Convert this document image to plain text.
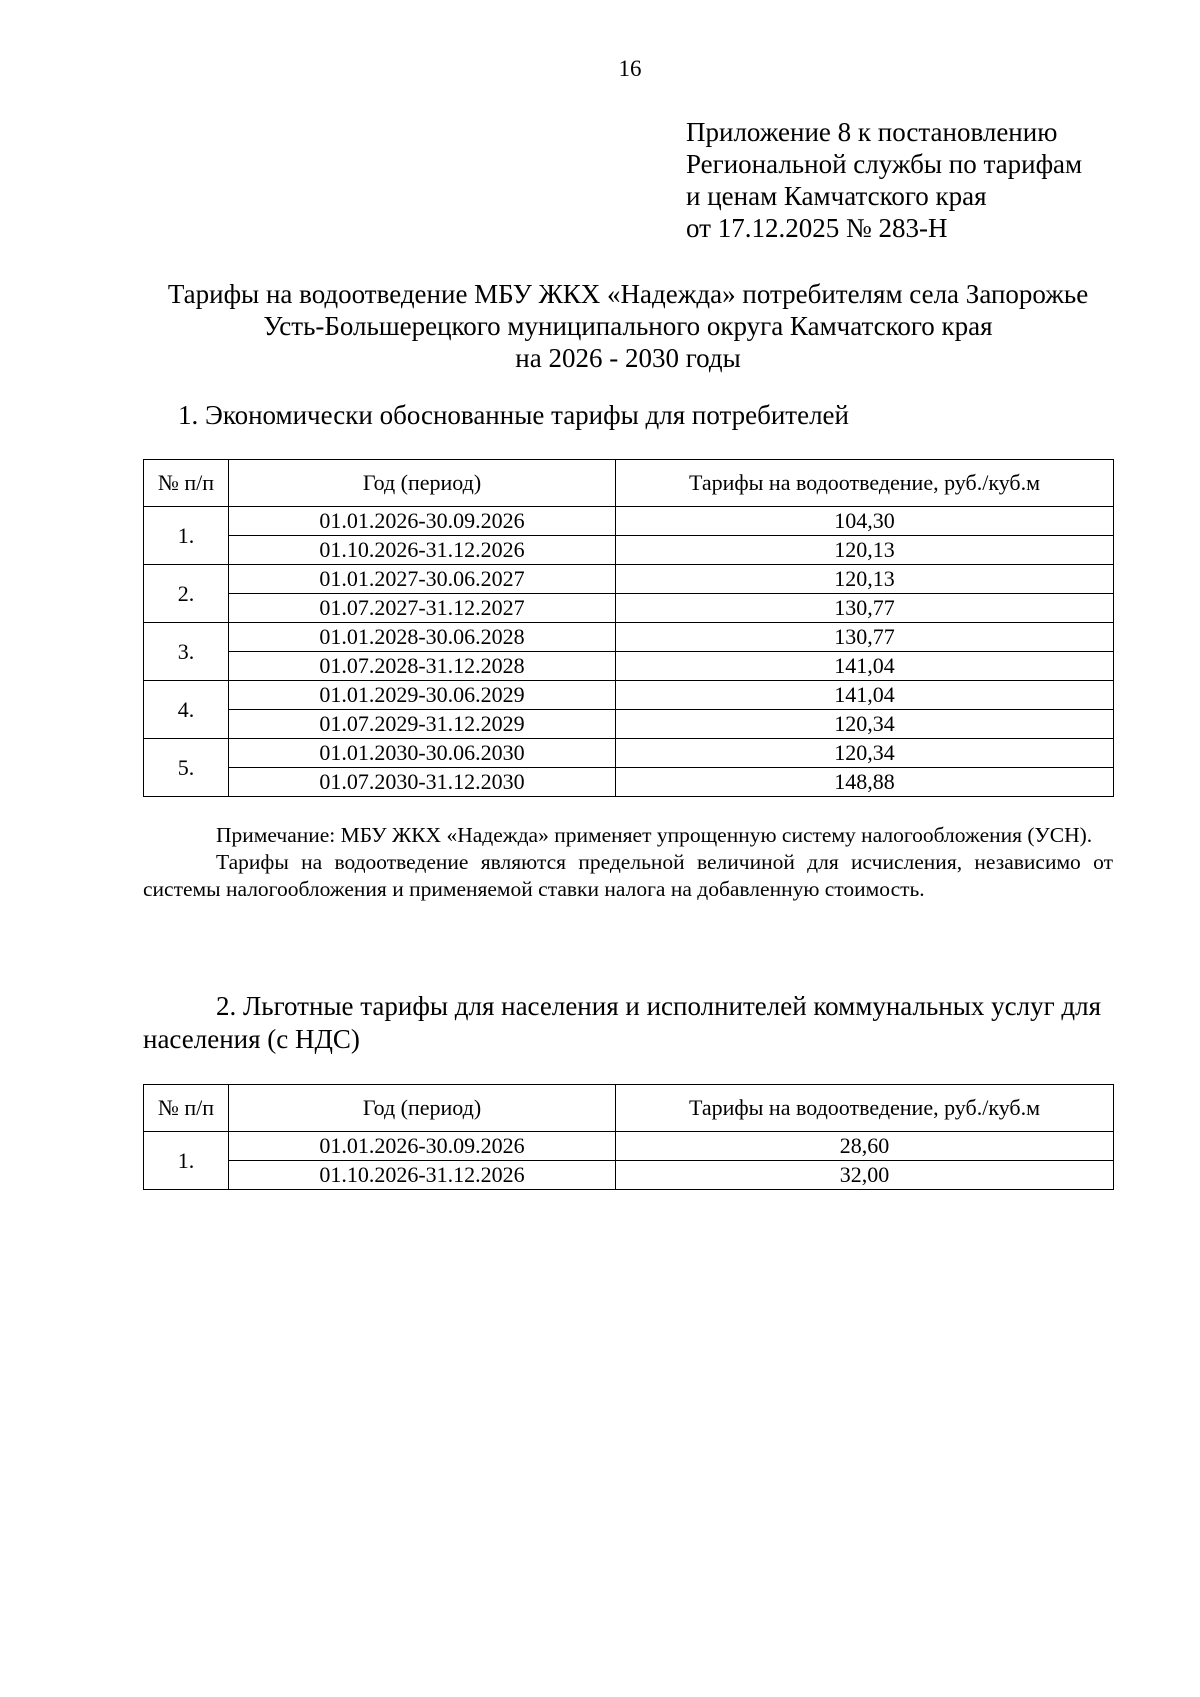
16
Приложение 8 к постановлению
Региональной службы по тарифам
и ценам Камчатского края
от 17.12.2025 № 283-Н
Тарифы на водоотведение МБУ ЖКХ «Надежда» потребителям села Запорожье
Усть-Большерецкого муниципального округа Камчатского края
на 2026 - 2030 годы
1. Экономически обоснованные тарифы для потребителей
№ п/п	Год (период)	Тарифы на водоотведение, руб./куб.м
1.	01.01.2026-30.09.2026	104,30
	01.10.2026-31.12.2026	120,13
2.	01.01.2027-30.06.2027	120,13
	01.07.2027-31.12.2027	130,77
3.	01.01.2028-30.06.2028	130,77
	01.07.2028-31.12.2028	141,04
4.	01.01.2029-30.06.2029	141,04
	01.07.2029-31.12.2029	120,34
5.	01.01.2030-30.06.2030	120,34
	01.07.2030-31.12.2030	148,88

Примечание: МБУ ЖКХ «Надежда» применяет упрощенную систему налогообложения (УСН).

Тарифы на водоотведение являются предельной величиной для исчисления, независимо от системы налогообложения и применяемой ставки налога на добавленную стоимость.

2. Льготные тарифы для населения и исполнителей коммунальных услуг для населения (с НДС)
№ п/п	Год (период)	Тарифы на водоотведение, руб./куб.м
1.	01.01.2026-30.09.2026	28,60
	01.10.2026-31.12.2026	32,00
